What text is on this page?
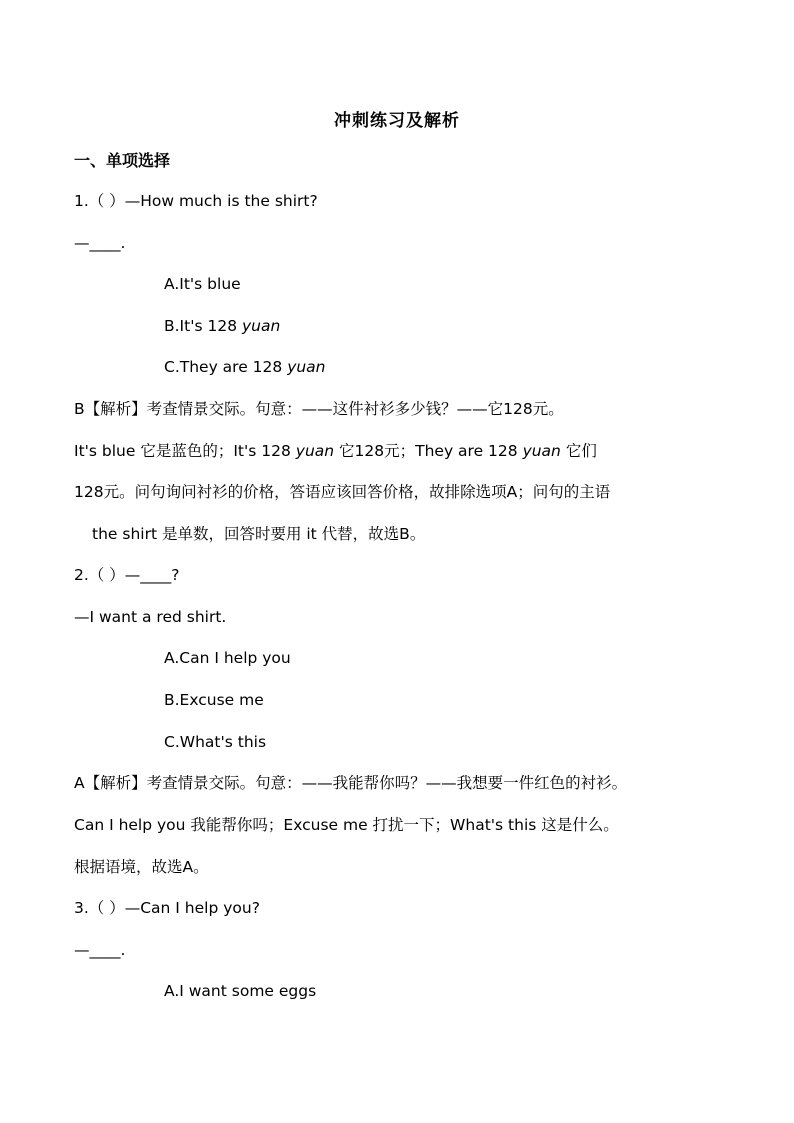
冲刺练习及解析
一、单项选择
1.（ ）—How much is the shirt?
—____.
A.It's blue
B.It's 128 yuan
C.They are 128 yuan
B【解析】考查情景交际。句意：——这件衬衫多少钱？——它128元。
It's blue 它是蓝色的；It's 128 yuan 它128元；They are 128 yuan 它们
128元。问句询问衬衫的价格，答语应该回答价格，故排除选项A；问句的主语
the shirt 是单数，回答时要用 it 代替，故选B。
2.（ ）—____?
—I want a red shirt.
A.Can I help you
B.Excuse me
C.What's this
A【解析】考查情景交际。句意：——我能帮你吗？——我想要一件红色的衬衫。
Can I help you 我能帮你吗；Excuse me 打扰一下；What's this 这是什么。
根据语境，故选A。
3.（ ）—Can I help you?
—____.
A.I want some eggs
